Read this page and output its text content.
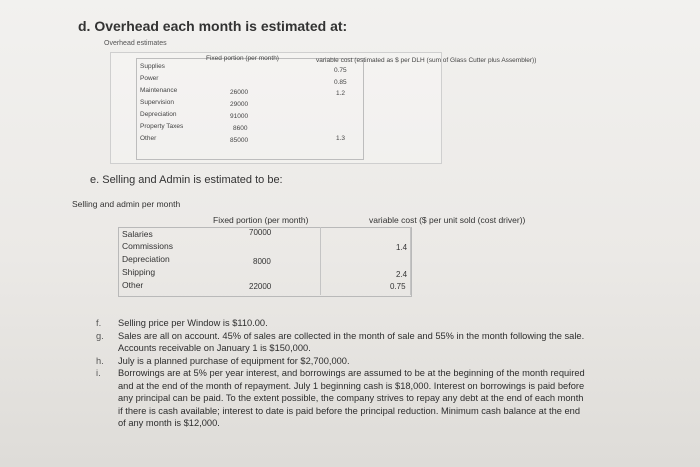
d. Overhead each month is estimated at:
Overhead estimates
Fixed portion (per month)	variable cost (estimated as $ per DLH (sum of Glass Cutter plus Assembler))
Supplies
Power
Maintenance
Supervision
Depreciation
Property Taxes
Other
26000
29000
91000
8600
85000
0.75
0.85
1.2
1.3
e. Selling and Admin is estimated to be:
Selling and admin per month
Fixed portion (per month)	variable cost ($ per unit sold (cost driver))
Salaries
Commissions
Depreciation
Shipping
Other
70000
8000
22000
1.4
2.4
0.75
f. Selling price per Window is $110.00.
g. Sales are all on account. 45% of sales are collected in the month of sale and 55% in the month following the sale. Accounts receivable on January 1 is $150,000.
h. July is a planned purchase of equipment for $2,700,000.
i. Borrowings are at 5% per year interest, and borrowings are assumed to be at the beginning of the month required and at the end of the month of repayment. July 1 beginning cash is $18,000. Interest on borrowings is paid before any principal can be paid. To the extent possible, the company strives to repay any debt at the end of each month if there is cash available; interest to date is paid before the principal reduction. Minimum cash balance at the end of any month is $12,000.
